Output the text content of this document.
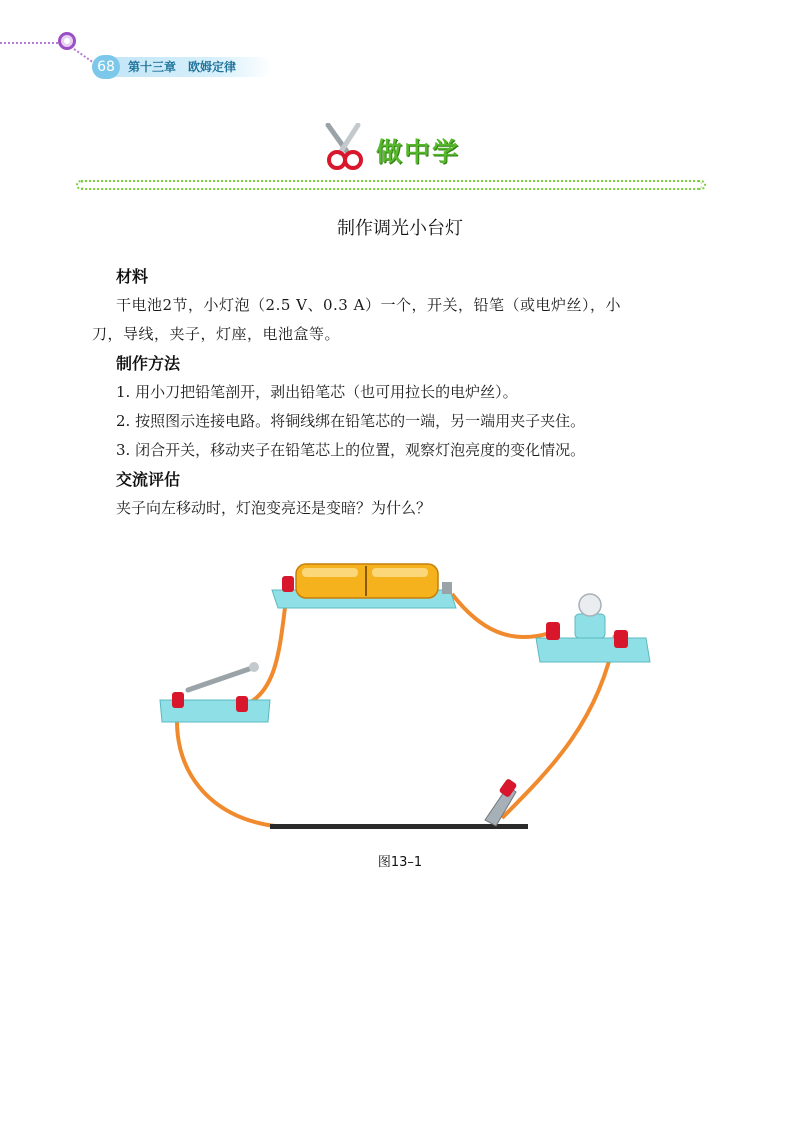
68	第十三章　欧姆定律
做中学
制作调光小台灯
材料

干电池2节，小灯泡（2.5 V、0.3 A）一个，开关，铅笔（或电炉丝），小

刀，导线，夹子，灯座，电池盒等。

制作方法

1. 用小刀把铅笔剖开，剥出铅笔芯（也可用拉长的电炉丝）。

2. 按照图示连接电路。将铜线绑在铅笔芯的一端，另一端用夹子夹住。

3. 闭合开关，移动夹子在铅笔芯上的位置，观察灯泡亮度的变化情况。

交流评估

夹子向左移动时，灯泡变亮还是变暗？为什么？

图13–1
